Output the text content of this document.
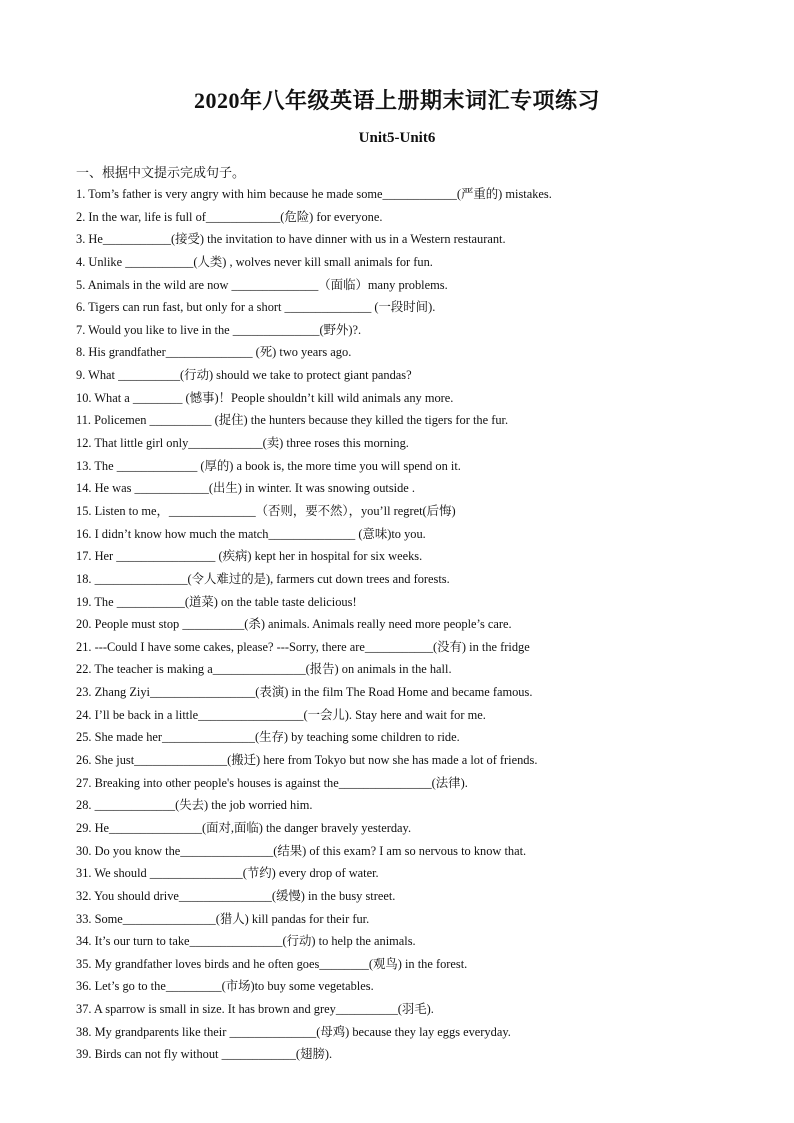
2020年八年级英语上册期末词汇专项练习
Unit5-Unit6
一、根据中文提示完成句子。
1. Tom’s father is very angry with him because he made some____________(严重的) mistakes.
2. In the war, life is full of____________(危险) for everyone.
3. He___________(接受) the invitation to have dinner with us in a Western restaurant.
4. Unlike ___________(人类) , wolves never kill small animals for fun.
5. Animals in the wild are now ______________（面临）many problems.
6. Tigers can run fast, but only for a short ______________ (一段时间).
7. Would you like to live in the ______________(野外)?.
8. His grandfather______________ (死) two years ago.
9. What __________(行动) should we take to protect giant pandas?
10. What a ________ (憾事)！People shouldn’t kill wild animals any more.
11. Policemen __________ (捉住) the hunters because they killed the tigers for the fur.
12. That little girl only____________(卖) three roses this morning.
13. The _____________ (厚的) a book is, the more time you will spend on it.
14. He was ____________(出生) in winter. It was snowing outside .
15. Listen to me，______________（否则，要不然），you’ll regret(后悔)
16. I didn’t know how much the match______________ (意味)to you.
17. Her ________________ (疾病) kept her in hospital for six weeks.
18. _______________(令人难过的是), farmers cut down trees and forests.
19. The ___________(道菜) on the table taste delicious!
20. People must stop __________(杀) animals. Animals really need more people’s care.
21. ---Could I have some cakes, please? ---Sorry, there are___________(没有) in the fridge
22. The teacher is making a_______________(报告) on animals in the hall.
23. Zhang Ziyi_________________(表演) in the film The Road Home and became famous.
24. I’ll be back in a little_________________(一会儿). Stay here and wait for me.
25. She made her_______________(生存) by teaching some children to ride.
26. She just_______________(搬迁) here from Tokyo but now she has made a lot of friends.
27. Breaking into other people's houses is against the_______________(法律).
28. _____________(失去) the job worried him.
29. He_______________(面对,面临) the danger bravely yesterday.
30. Do you know the_______________(结果) of this exam? I am so nervous to know that.
31. We should _______________(节约) every drop of water.
32. You should drive_______________(缓慢) in the busy street.
33. Some_______________(猎人) kill pandas for their fur.
34. It’s our turn to take_______________(行动) to help the animals.
35. My grandfather loves birds and he often goes________(观鸟) in the forest.
36. Let’s go to the_________(市场)to buy some vegetables.
37. A sparrow is small in size. It has brown and grey__________(羽毛).
38. My grandparents like their ______________(母鸡) because they lay eggs everyday.
39. Birds can not fly without ____________(翅膀).
